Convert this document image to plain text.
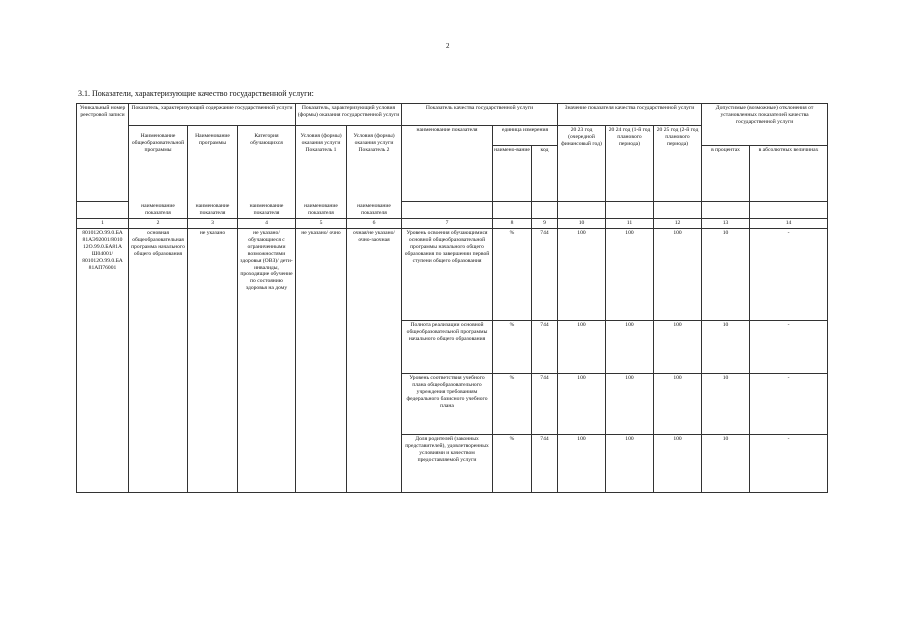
2
3.1. Показатели, характеризующие качество государственной услуги:
Уникальный номер реестровой записи	Показатель, характеризующий содержание государственной услуги			Показатель, характеризующий условия (формы) оказания государственной услуги		Показатель качества государственной услуги			Значение показателя качества государственной услуги			Допустимые (возможные) отклонения от установленных показателей качества государственной услуги	

Наименование общеобразовательной программы	Наименование программы	Категория обучающихся	Условия (формы) оказания услуги Показатель 1	Условия (формы) оказания услуги Показатель 2	наименование показателя	единица измерения		20 23 год (очередной финансовый год)	20 24 год (1-й год планового периода)	20 25 год (2-й год планового периода)		
							наимено-вание	код				в процентах	в абсолютных величинах
	наименование показателя	наименование показателя	наименование показателя	наименование показателя	наименование показателя								
1	2	3	4	5	6	7	8	9	10	11	12	13	14
801012О.99.0.БА 81АЭ92001/8010 12О.99.0.БА81А Ш04001/ 801012О.99.0.БА 81АП76001	основная общеобразовательная программа начального общего образования	не указано	не указано/обучающиеся с ограниченными возможностями здоровья (ОВЗ)/ дети-инвалиды, проходящие обучение по состоянию здоровья на дому	не указано/ очно	очная/не указано/ очно-заочная	Уровень освоения обучающимися основной общеобразовательной программы начального общего образования по завершении первой ступени общего образования	%	744	100	100	100	10	-
						Полнота реализации основной общеобразовательной программы начального общего образования	%	744	100	100	100	10	-
						Уровень соответствия учебного плана общеобразовательного учреждения требованиям федерального базисного учебного плана	%	744	100	100	100	10	-
						Доля родителей (законных представителей), удовлетворенных условиями и качеством предоставляемой услуги	%	744	100	100	100	10	-
